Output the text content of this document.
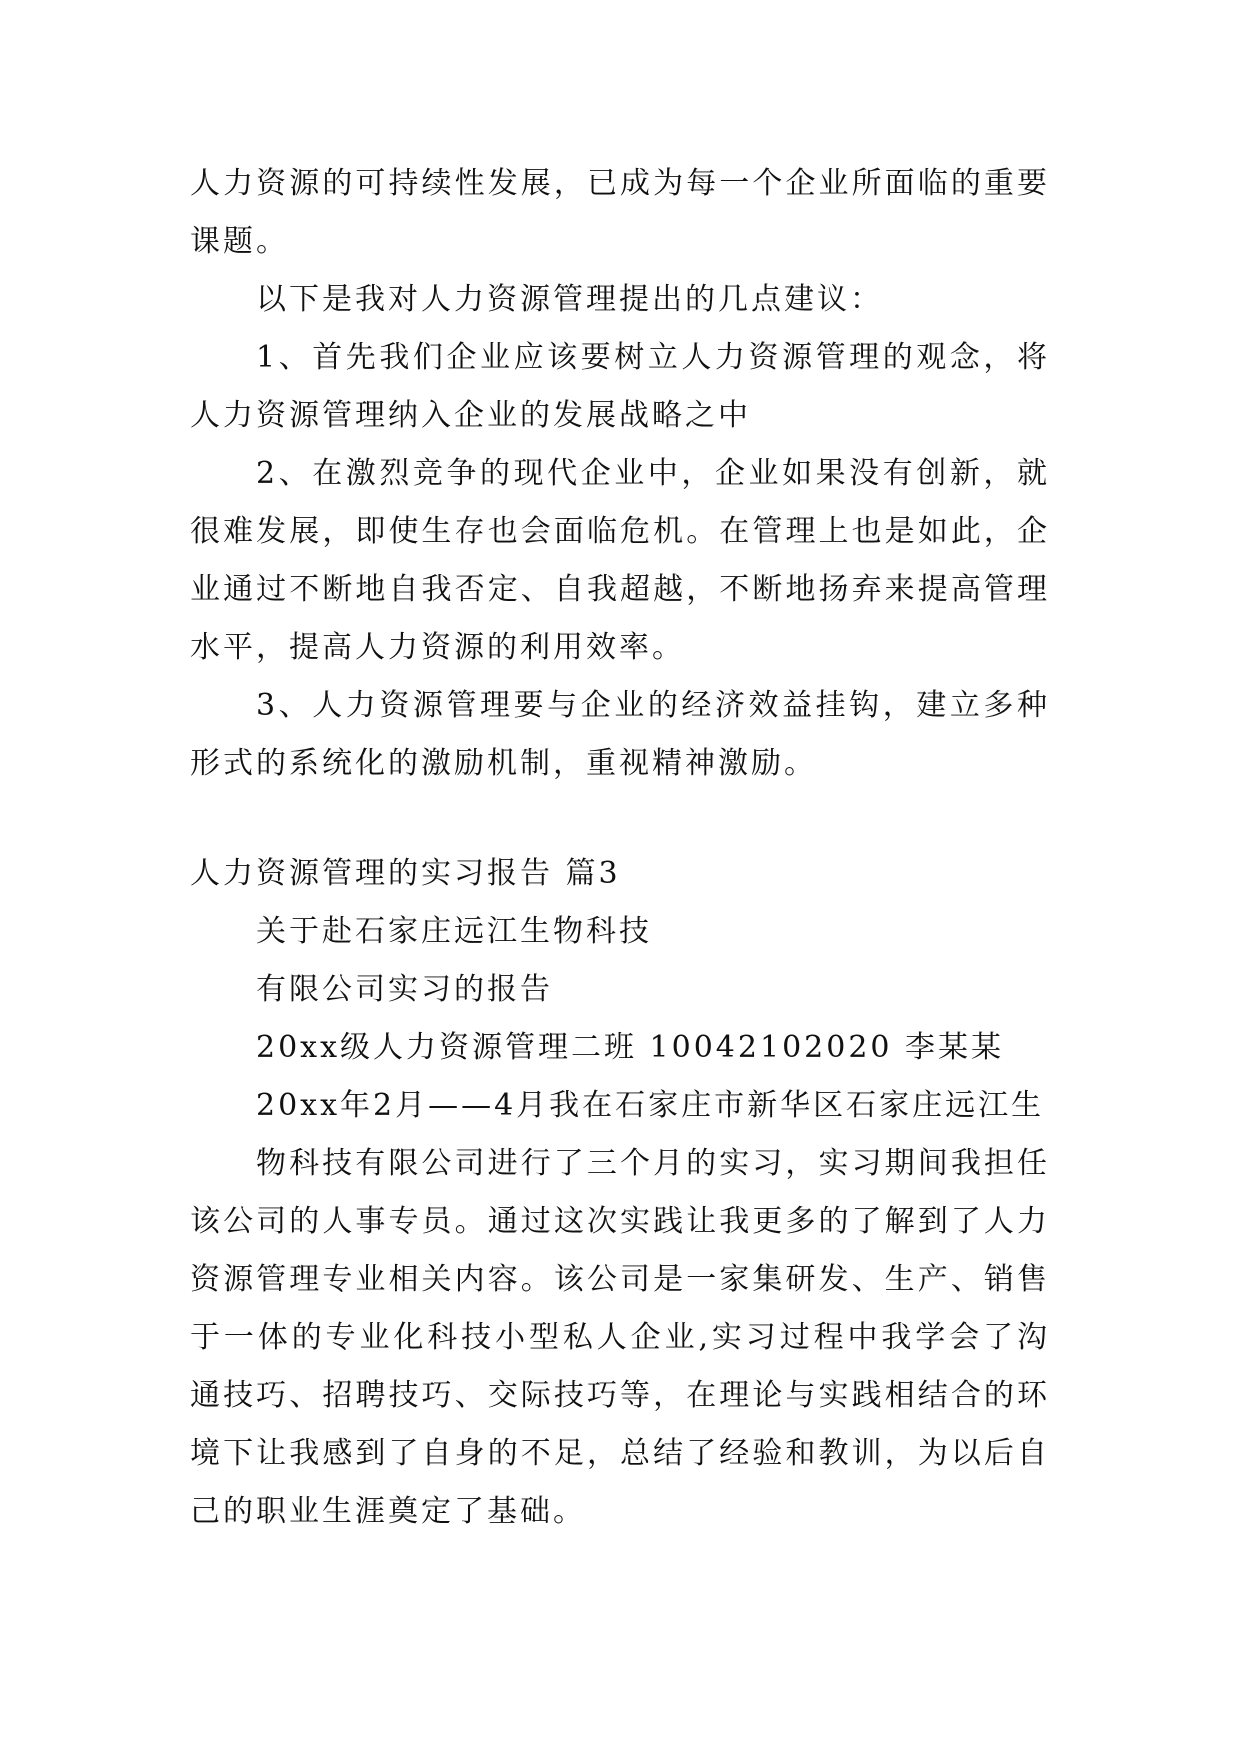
人力资源的可持续性发展，已成为每一个企业所面临的重要课题。

以下是我对人力资源管理提出的几点建议：

1、首先我们企业应该要树立人力资源管理的观念，将人力资源管理纳入企业的发展战略之中

2、在激烈竞争的现代企业中，企业如果没有创新，就很难发展，即使生存也会面临危机。在管理上也是如此，企业通过不断地自我否定、自我超越，不断地扬弃来提高管理水平，提高人力资源的利用效率。

3、人力资源管理要与企业的经济效益挂钩，建立多种形式的系统化的激励机制，重视精神激励。

人力资源管理的实习报告 篇3

关于赴石家庄远江生物科技

有限公司实习的报告

20xx级人力资源管理二班 10042102020 李某某

20xx年2月——4月我在石家庄市新华区石家庄远江生

物科技有限公司进行了三个月的实习，实习期间我担任该公司的人事专员。通过这次实践让我更多的了解到了人力资源管理专业相关内容。该公司是一家集研发、生产、销售于一体的专业化科技小型私人企业,实习过程中我学会了沟通技巧、招聘技巧、交际技巧等，在理论与实践相结合的环境下让我感到了自身的不足，总结了经验和教训，为以后自己的职业生涯奠定了基础。
